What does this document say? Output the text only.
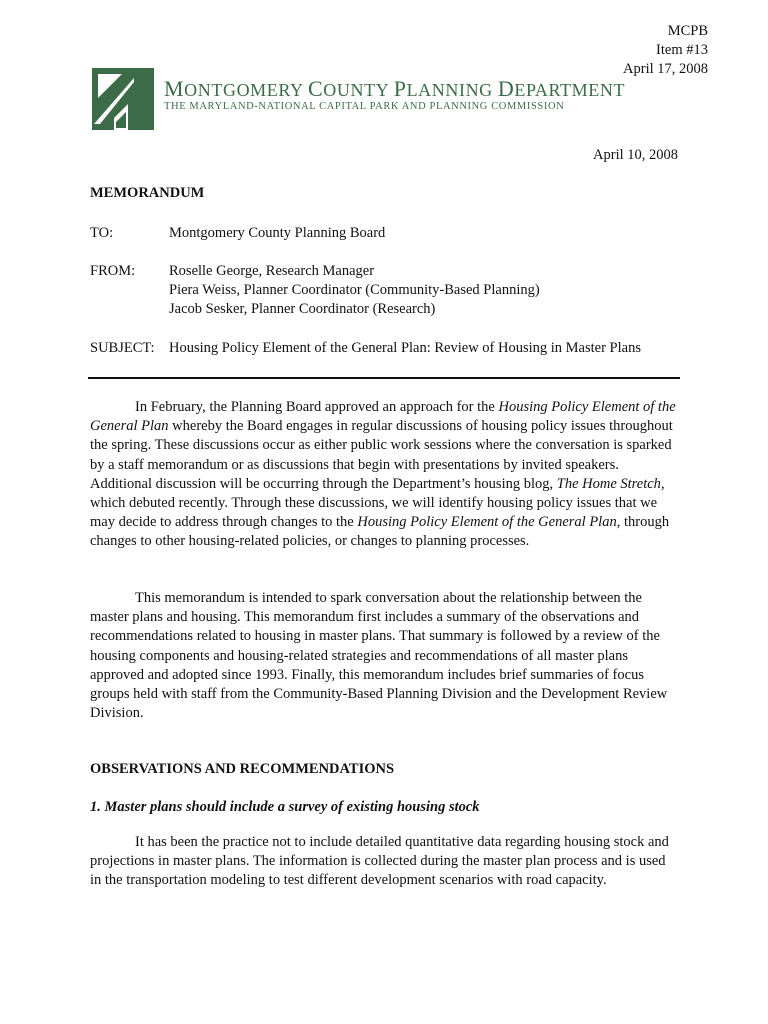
MCPB
Item #13
April 17, 2008
MONTGOMERY COUNTY PLANNING DEPARTMENT
THE MARYLAND-NATIONAL CAPITAL PARK AND PLANNING COMMISSION
April 10, 2008
MEMORANDUM
TO:	Montgomery County Planning Board
FROM: Roselle George, Research Manager
Piera Weiss, Planner Coordinator (Community-Based Planning)
Jacob Sesker, Planner Coordinator (Research)
SUBJECT: Housing Policy Element of the General Plan: Review of Housing in Master Plans

In February, the Planning Board approved an approach for the Housing Policy Element of the General Plan whereby the Board engages in regular discussions of housing policy issues throughout the spring. These discussions occur as either public work sessions where the conversation is sparked by a staff memorandum or as discussions that begin with presentations by invited speakers. Additional discussion will be occurring through the Department’s housing blog, The Home Stretch, which debuted recently. Through these discussions, we will identify housing policy issues that we may decide to address through changes to the Housing Policy Element of the General Plan, through changes to other housing-related policies, or changes to planning processes.

This memorandum is intended to spark conversation about the relationship between the master plans and housing. This memorandum first includes a summary of the observations and recommendations related to housing in master plans. That summary is followed by a review of the housing components and housing-related strategies and recommendations of all master plans approved and adopted since 1993. Finally, this memorandum includes brief summaries of focus groups held with staff from the Community-Based Planning Division and the Development Review Division.

OBSERVATIONS AND RECOMMENDATIONS
1. Master plans should include a survey of existing housing stock

It has been the practice not to include detailed quantitative data regarding housing stock and projections in master plans. The information is collected during the master plan process and is used in the transportation modeling to test different development scenarios with road capacity.
